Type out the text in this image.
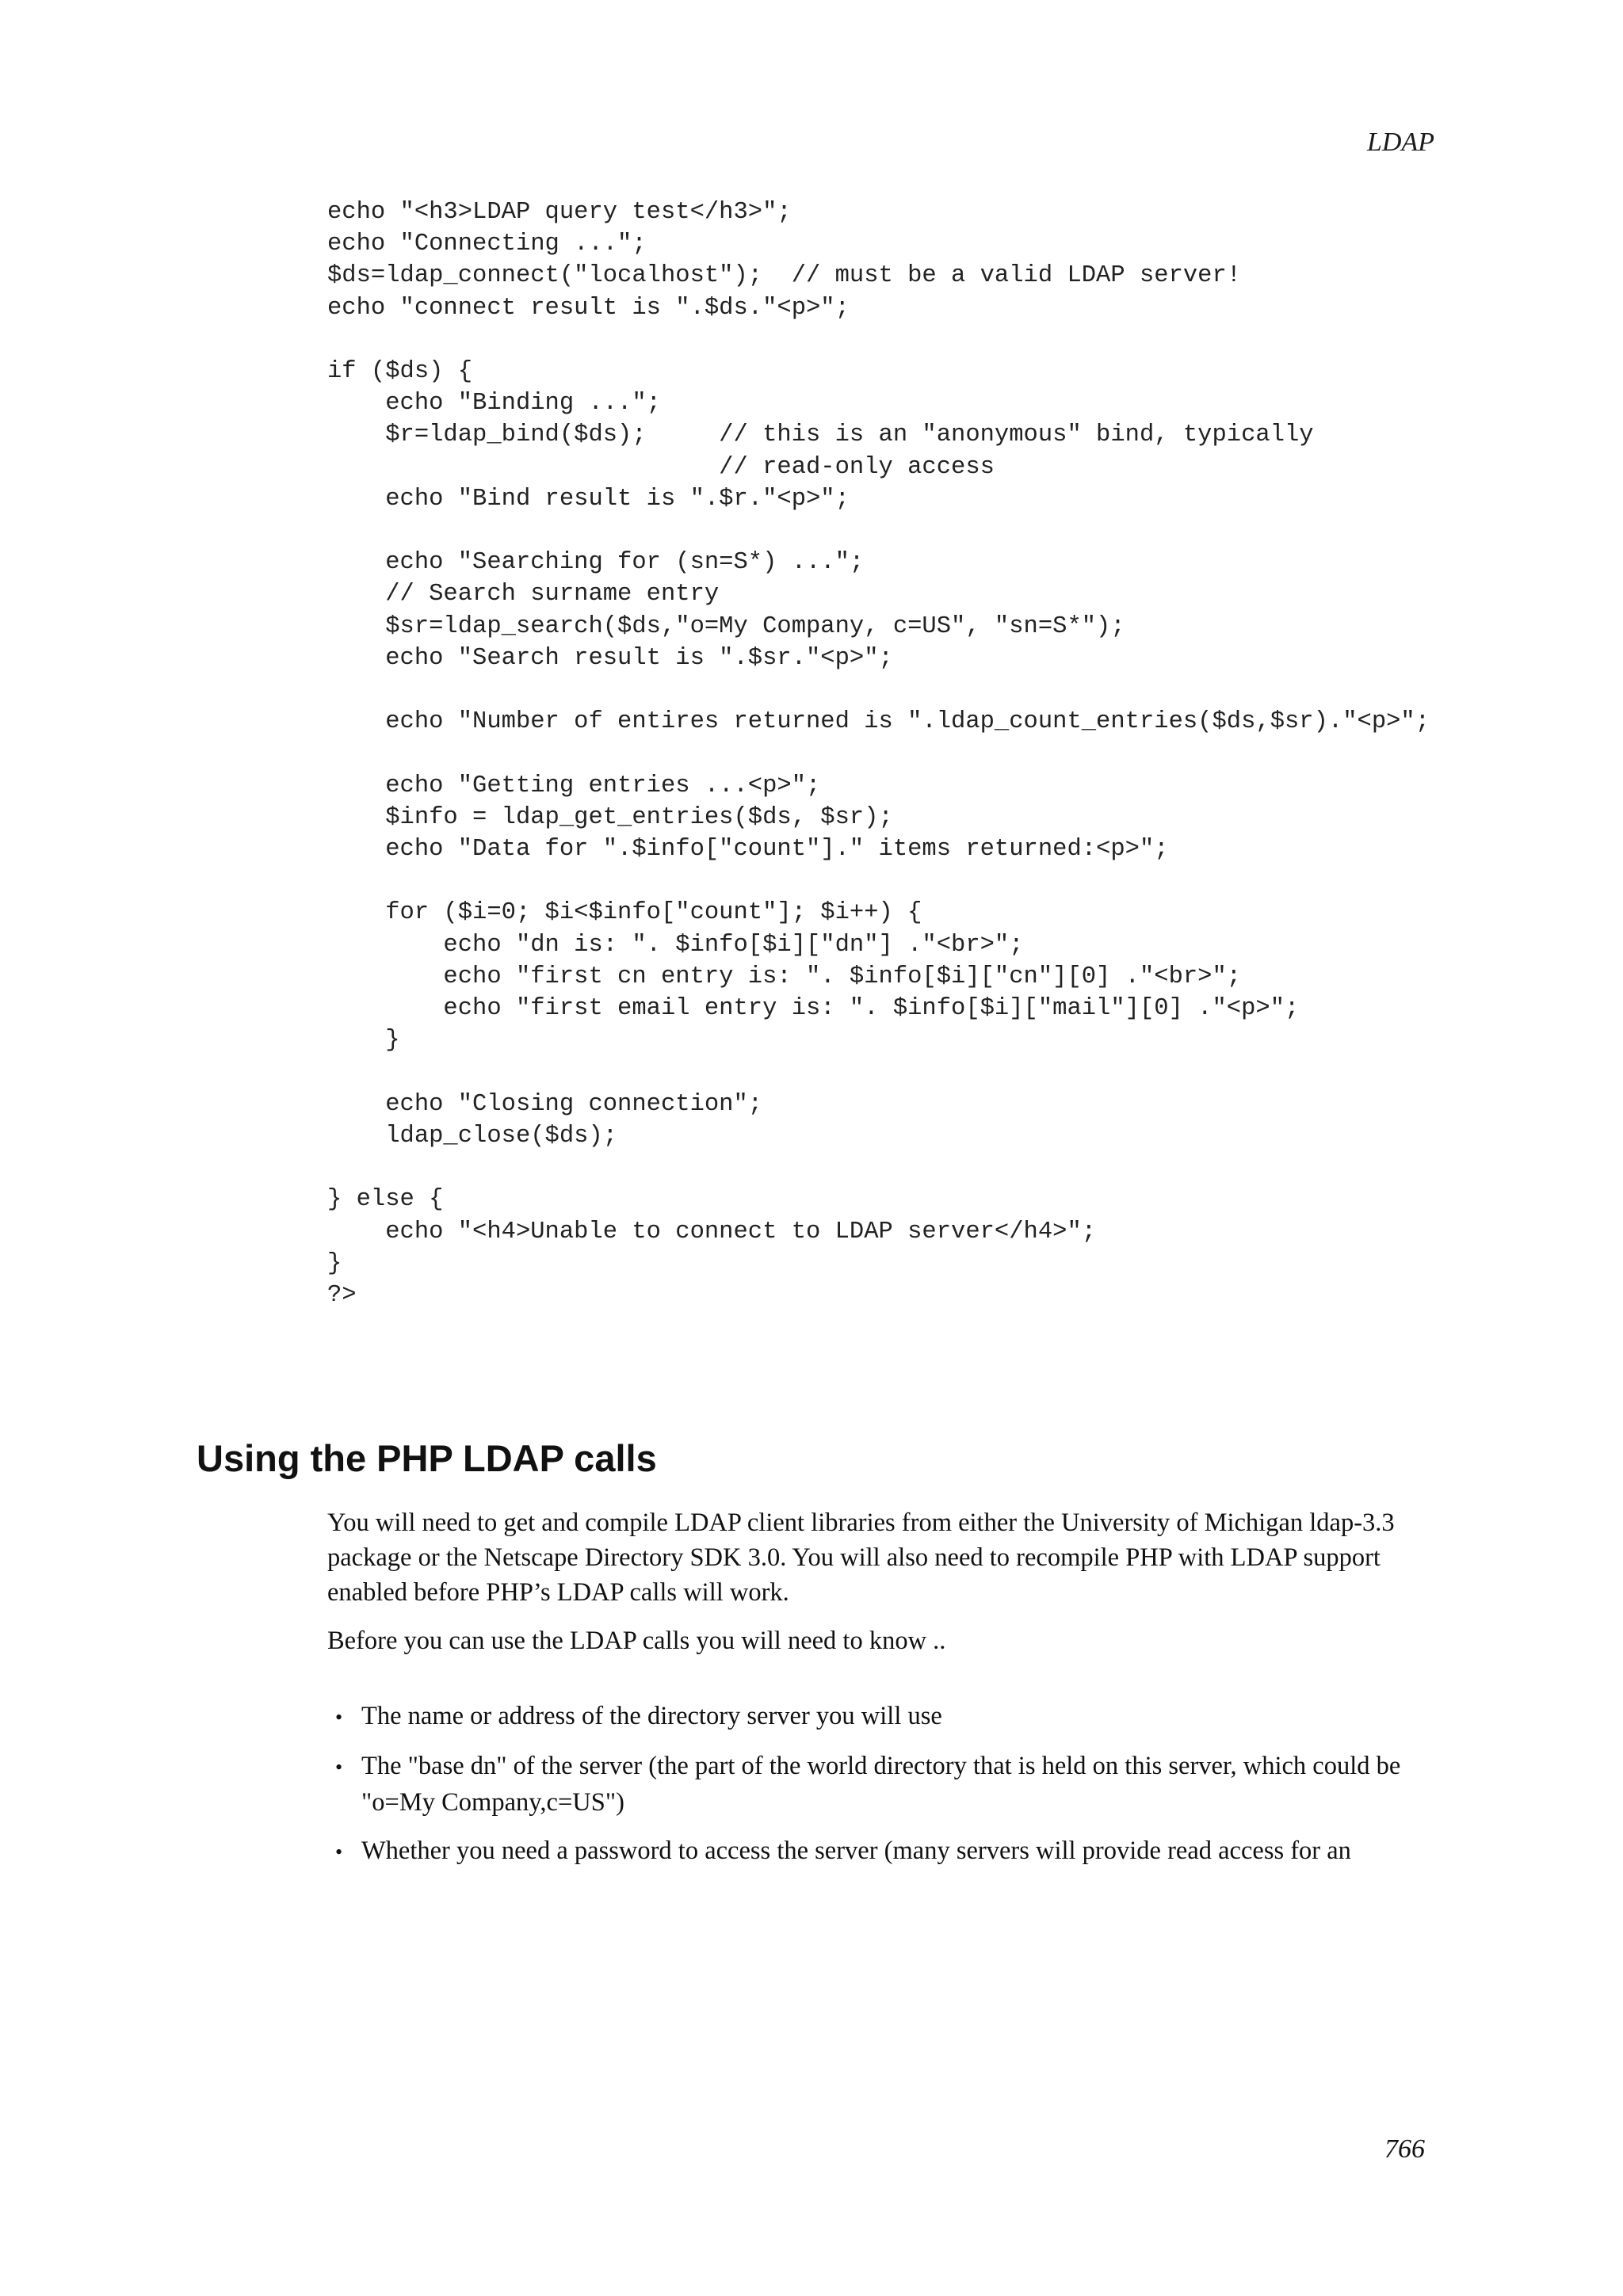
LDAP

echo "<h3>LDAP query test</h3>";
echo "Connecting ...";
$ds=ldap_connect("localhost");  // must be a valid LDAP server!
echo "connect result is ".$ds."<p>";

if ($ds) {
echo "Binding ...";
$r=ldap_bind($ds);     // this is an "anonymous" bind, typically
// read-only access
echo "Bind result is ".$r."<p>";

echo "Searching for (sn=S*) ...";
// Search surname entry
$sr=ldap_search($ds,"o=My Company, c=US", "sn=S*");
echo "Search result is ".$sr."<p>";

echo "Number of entires returned is ".ldap_count_entries($ds,$sr)."<p>";

echo "Getting entries ...<p>";
$info = ldap_get_entries($ds, $sr);
echo "Data for ".$info["count"]." items returned:<p>";

for ($i=0; $i<$info["count"]; $i++) {
echo "dn is: ". $info[$i]["dn"] ."<br>";
echo "first cn entry is: ". $info[$i]["cn"][0] ."<br>";
echo "first email entry is: ". $info[$i]["mail"][0] ."<p>";
}

echo "Closing connection";
ldap_close($ds);

} else {
echo "<h4>Unable to connect to LDAP server</h4>";
}
?>
Using the PHP LDAP calls

You will need to get and compile LDAP client libraries from either the University of Michigan ldap-3.3 package or the Netscape Directory SDK 3.0. You will also need to recompile PHP with LDAP support enabled before PHP’s LDAP calls will work.

Before you can use the LDAP calls you will need to know ..

• The name or address of the directory server you will use
• The "base dn" of the server (the part of the world directory that is held on this server, which could be "o=My Company,c=US")
• Whether you need a password to access the server (many servers will provide read access for an

766
